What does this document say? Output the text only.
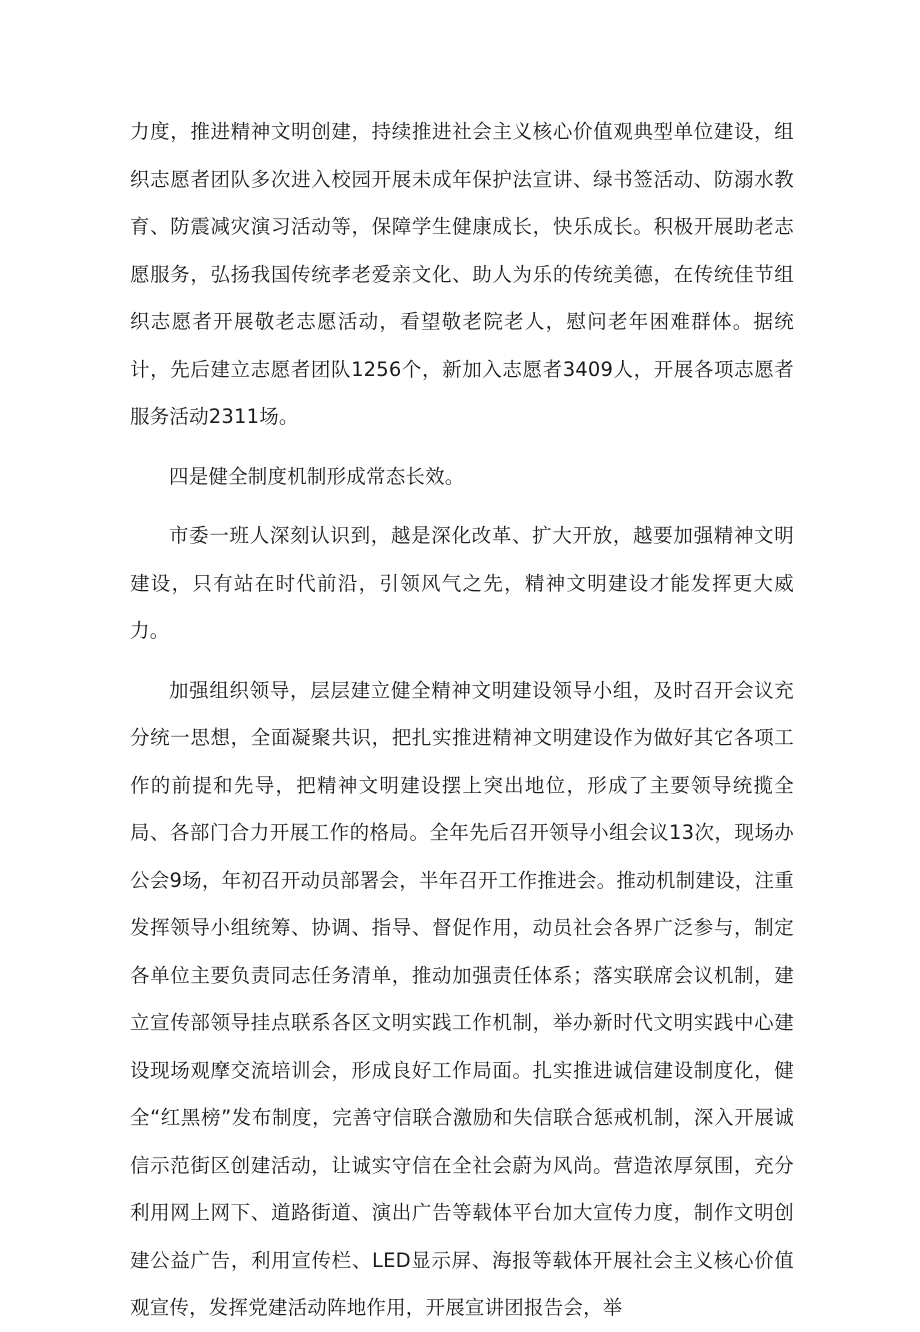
力度，推进精神文明创建，持续推进社会主义核心价值观典型单位建设，组织志愿者团队多次进入校园开展未成年保护法宣讲、绿书签活动、防溺水教育、防震减灾演习活动等，保障学生健康成长，快乐成长。积极开展助老志愿服务，弘扬我国传统孝老爱亲文化、助人为乐的传统美德，在传统佳节组织志愿者开展敬老志愿活动，看望敬老院老人，慰问老年困难群体。据统计，先后建立志愿者团队1256个，新加入志愿者3409人，开展各项志愿者服务活动2311场。

四是健全制度机制形成常态长效。

市委一班人深刻认识到，越是深化改革、扩大开放，越要加强精神文明建设，只有站在时代前沿，引领风气之先，精神文明建设才能发挥更大威力。

加强组织领导，层层建立健全精神文明建设领导小组，及时召开会议充分统一思想，全面凝聚共识，把扎实推进精神文明建设作为做好其它各项工作的前提和先导，把精神文明建设摆上突出地位，形成了主要领导统揽全局、各部门合力开展工作的格局。全年先后召开领导小组会议13次，现场办公会9场，年初召开动员部署会，半年召开工作推进会。推动机制建设，注重发挥领导小组统筹、协调、指导、督促作用，动员社会各界广泛参与，制定各单位主要负责同志任务清单，推动加强责任体系；落实联席会议机制，建立宣传部领导挂点联系各区文明实践工作机制，举办新时代文明实践中心建设现场观摩交流培训会，形成良好工作局面。扎实推进诚信建设制度化，健全“红黑榜”发布制度，完善守信联合激励和失信联合惩戒机制，深入开展诚信示范街区创建活动，让诚实守信在全社会蔚为风尚。营造浓厚氛围，充分利用网上网下、道路街道、演出广告等载体平台加大宣传力度，制作文明创建公益广告，利用宣传栏、LED显示屏、海报等载体开展社会主义核心价值观宣传，发挥党建活动阵地作用，开展宣讲团报告会，举
